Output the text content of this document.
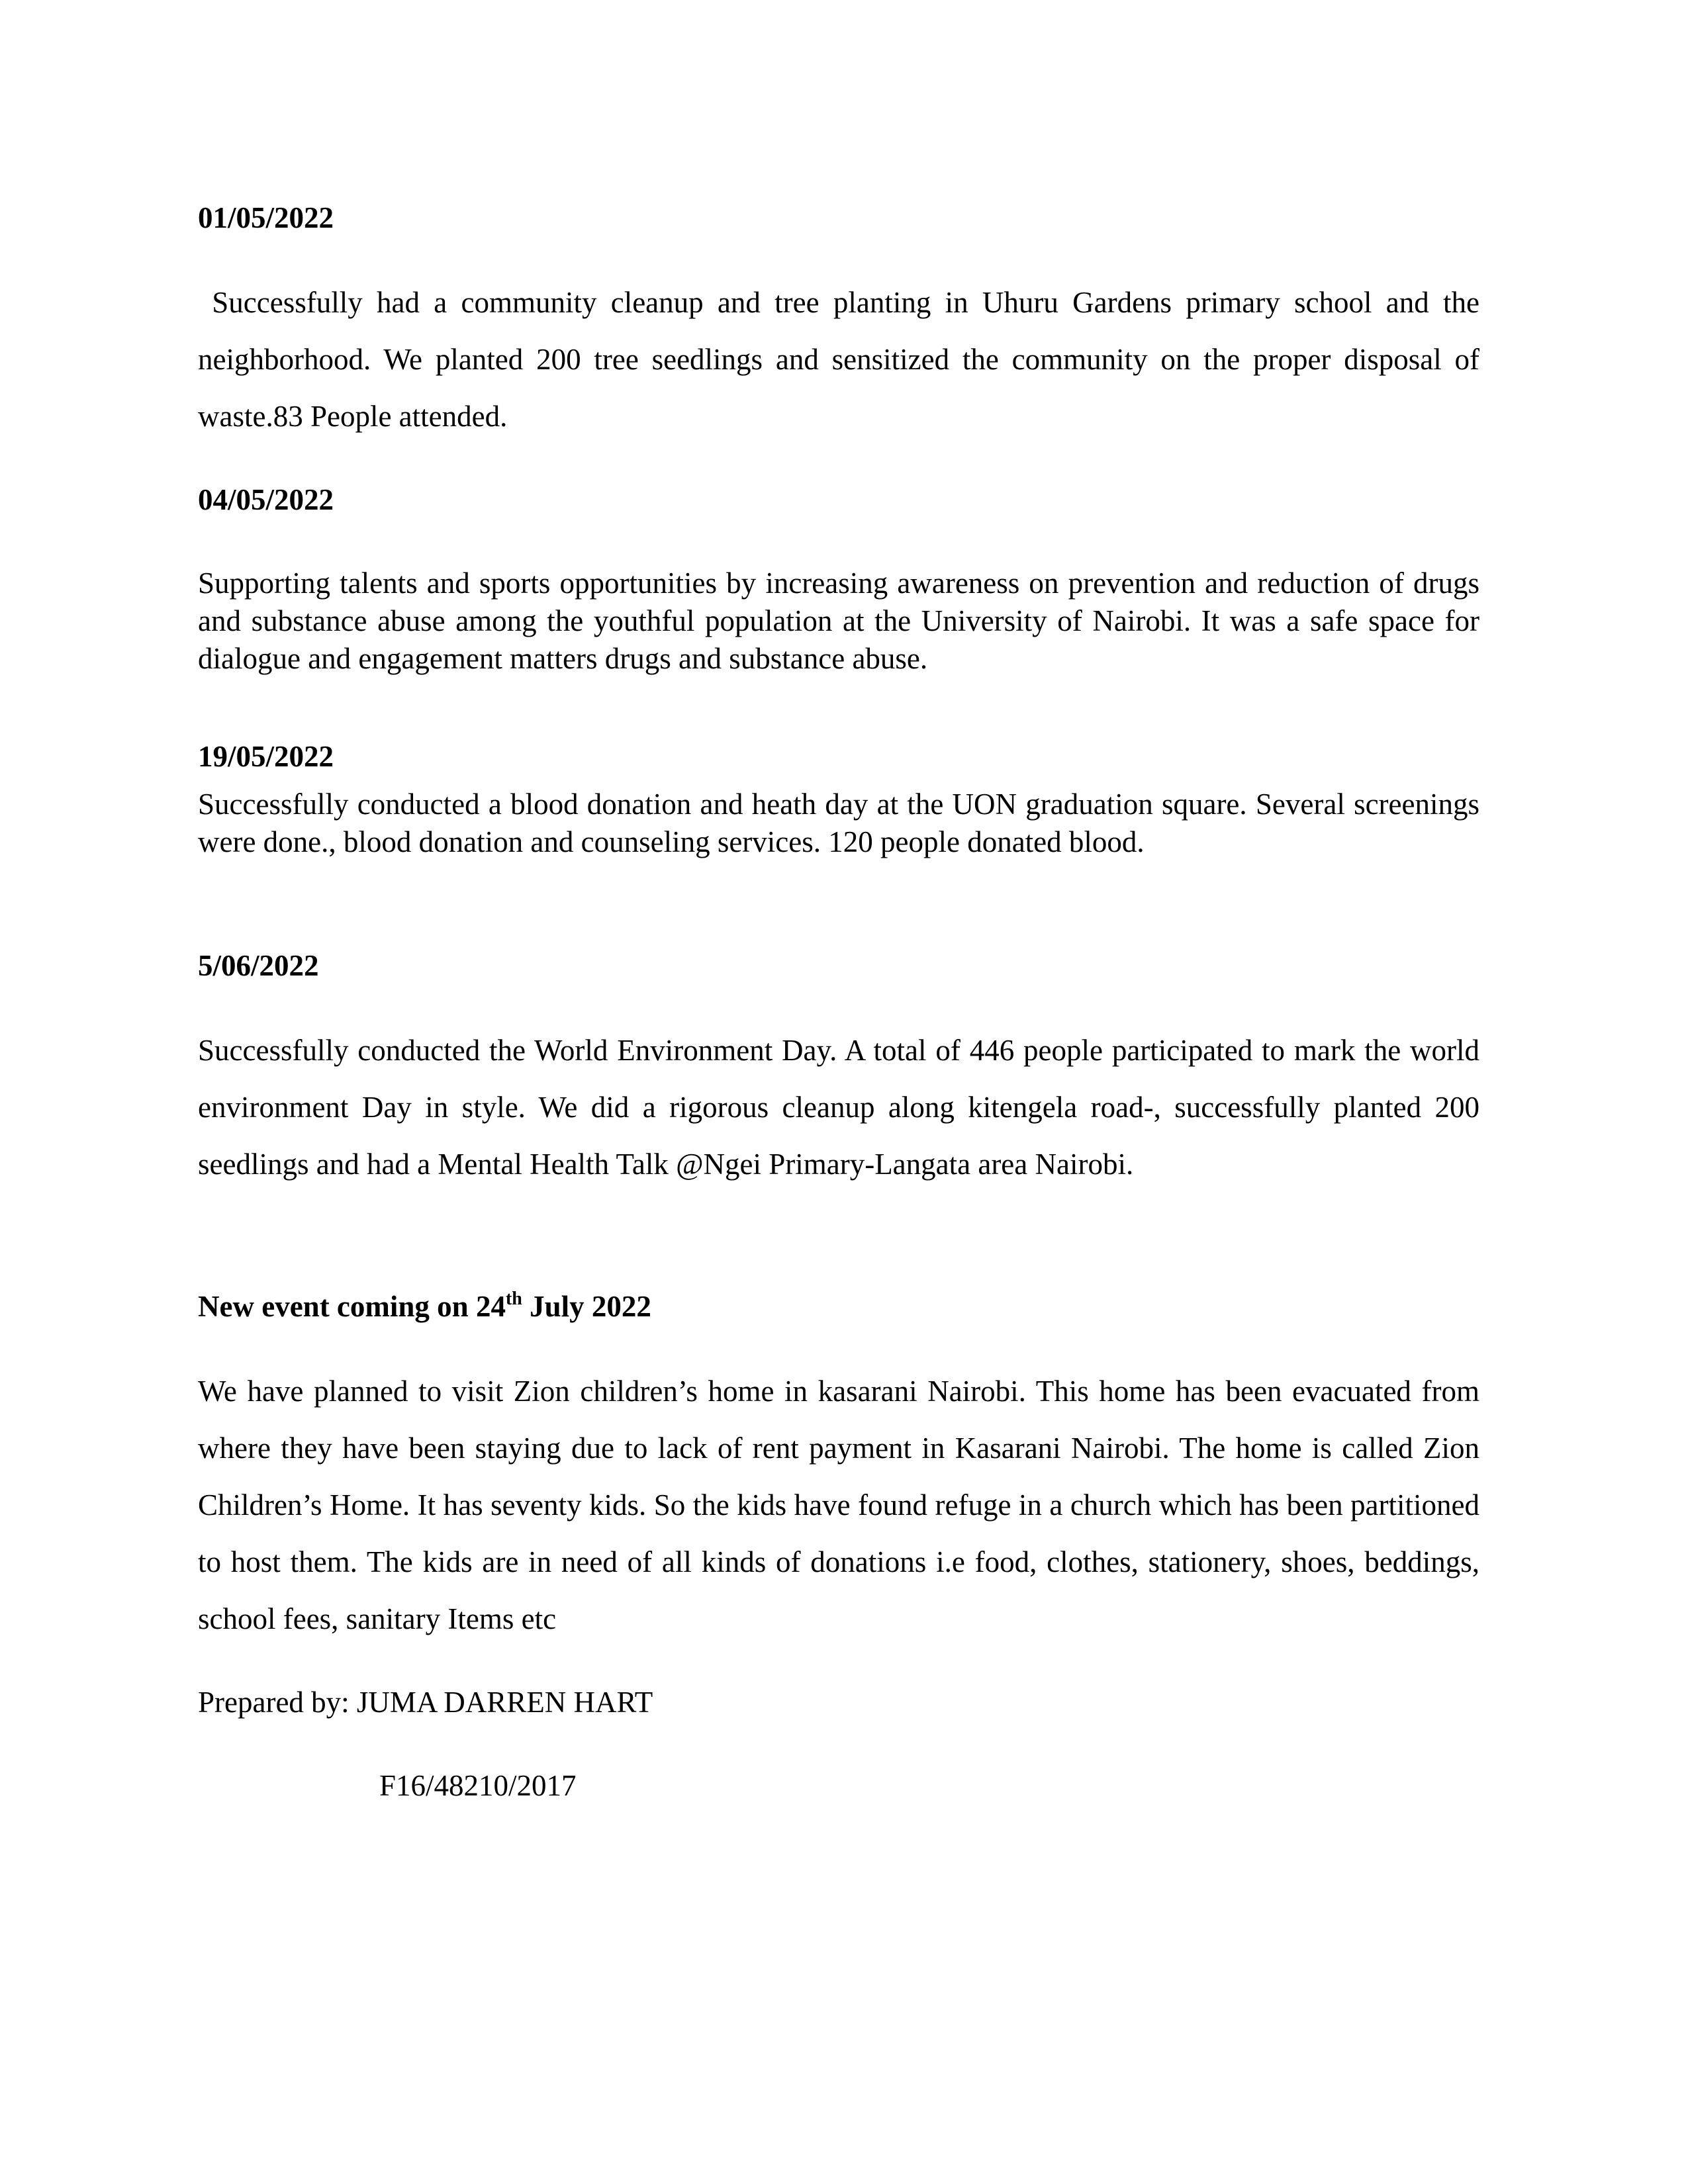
01/05/2022

Successfully had a community cleanup and tree planting in Uhuru Gardens primary school and the neighborhood. We planted 200 tree seedlings and sensitized the community on the proper disposal of waste.83 People attended.

04/05/2022

Supporting talents and sports opportunities by increasing awareness on prevention and reduction of drugs and substance abuse among the youthful population at the University of Nairobi. It was a safe space for dialogue and engagement matters drugs and substance abuse.

19/05/2022

Successfully conducted a blood donation and heath day at the UON graduation square. Several screenings were done., blood donation and counseling services. 120 people donated blood.

5/06/2022

Successfully conducted the World Environment Day. A total of 446 people participated to mark the world environment Day in style. We did a rigorous cleanup along kitengela road-, successfully planted 200 seedlings and had a Mental Health Talk @Ngei Primary-Langata area Nairobi.

New event coming on 24th July 2022

We have planned to visit Zion children’s home in kasarani Nairobi. This home has been evacuated from where they have been staying due to lack of rent payment in Kasarani Nairobi. The home is called Zion Children’s Home. It has seventy kids. So the kids have found refuge in a church which has been partitioned to host them. The kids are in need of all kinds of donations i.e food, clothes, stationery, shoes, beddings, school fees, sanitary Items etc

Prepared by: JUMA DARREN HART

F16/48210/2017
